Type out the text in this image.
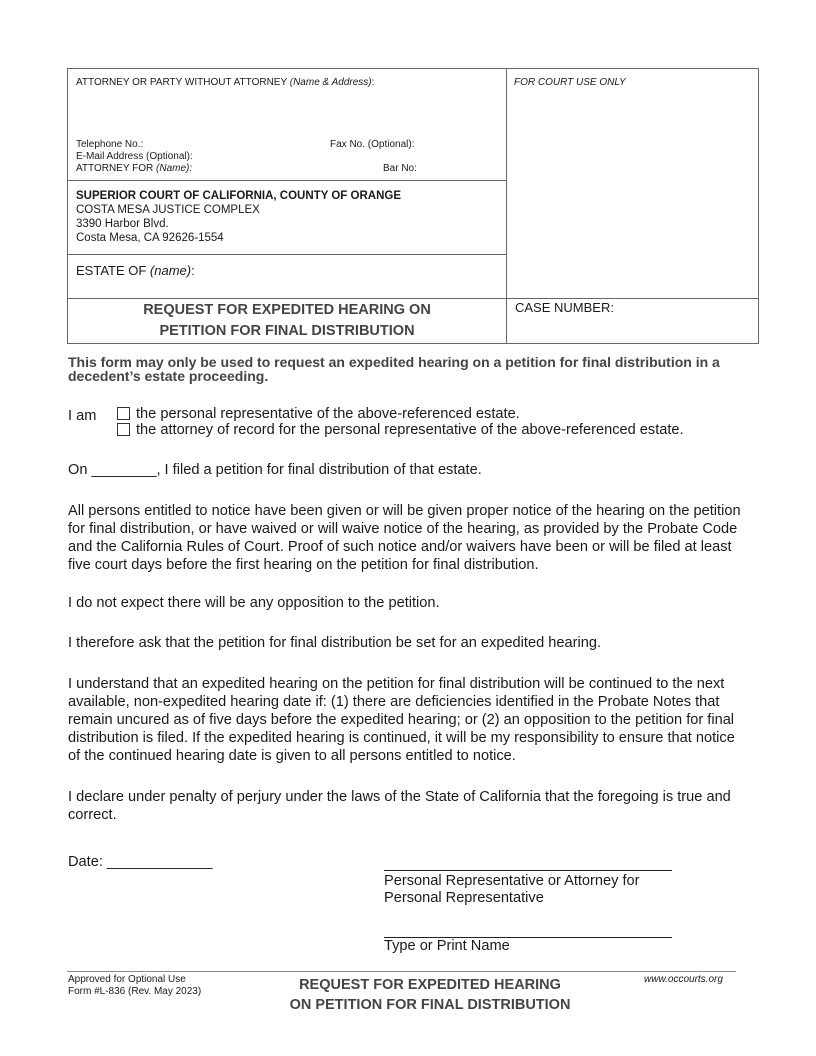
ATTORNEY OR PARTY WITHOUT ATTORNEY (Name & Address):	FOR COURT USE ONLY
Telephone No.:	Fax No. (Optional):
E-Mail Address (Optional):
ATTORNEY FOR (Name):	Bar No:
SUPERIOR COURT OF CALIFORNIA, COUNTY OF ORANGE
COSTA MESA JUSTICE COMPLEX
3390 Harbor Blvd.
Costa Mesa, CA 92626-1554
ESTATE OF (name):
REQUEST FOR EXPEDITED HEARING ON
PETITION FOR FINAL DISTRIBUTION
CASE NUMBER:
This form may only be used to request an expedited hearing on a petition for final distribution in a decedent’s estate proceeding.
I am	the personal representative of the above-referenced estate.
the attorney of record for the personal representative of the above-referenced estate.
On ________, I filed a petition for final distribution of that estate.
All persons entitled to notice have been given or will be given proper notice of the hearing on the petition for final distribution, or have waived or will waive notice of the hearing, as provided by the Probate Code and the California Rules of Court. Proof of such notice and/or waivers have been or will be filed at least five court days before the first hearing on the petition for final distribution.
I do not expect there will be any opposition to the petition.
I therefore ask that the petition for final distribution be set for an expedited hearing.
I understand that an expedited hearing on the petition for final distribution will be continued to the next available, non-expedited hearing date if: (1) there are deficiencies identified in the Probate Notes that remain uncured as of five days before the expedited hearing; or (2) an opposition to the petition for final distribution is filed. If the expedited hearing is continued, it will be my responsibility to ensure that notice of the continued hearing date is given to all persons entitled to notice.
I declare under penalty of perjury under the laws of the State of California that the foregoing is true and correct.
Date: _____________
Personal Representative or Attorney for
Personal Representative
Type or Print Name
Approved for Optional Use
Form #L-836 (Rev. May 2023)	REQUEST FOR EXPEDITED HEARING
ON PETITION FOR FINAL DISTRIBUTION
www.occourts.org
